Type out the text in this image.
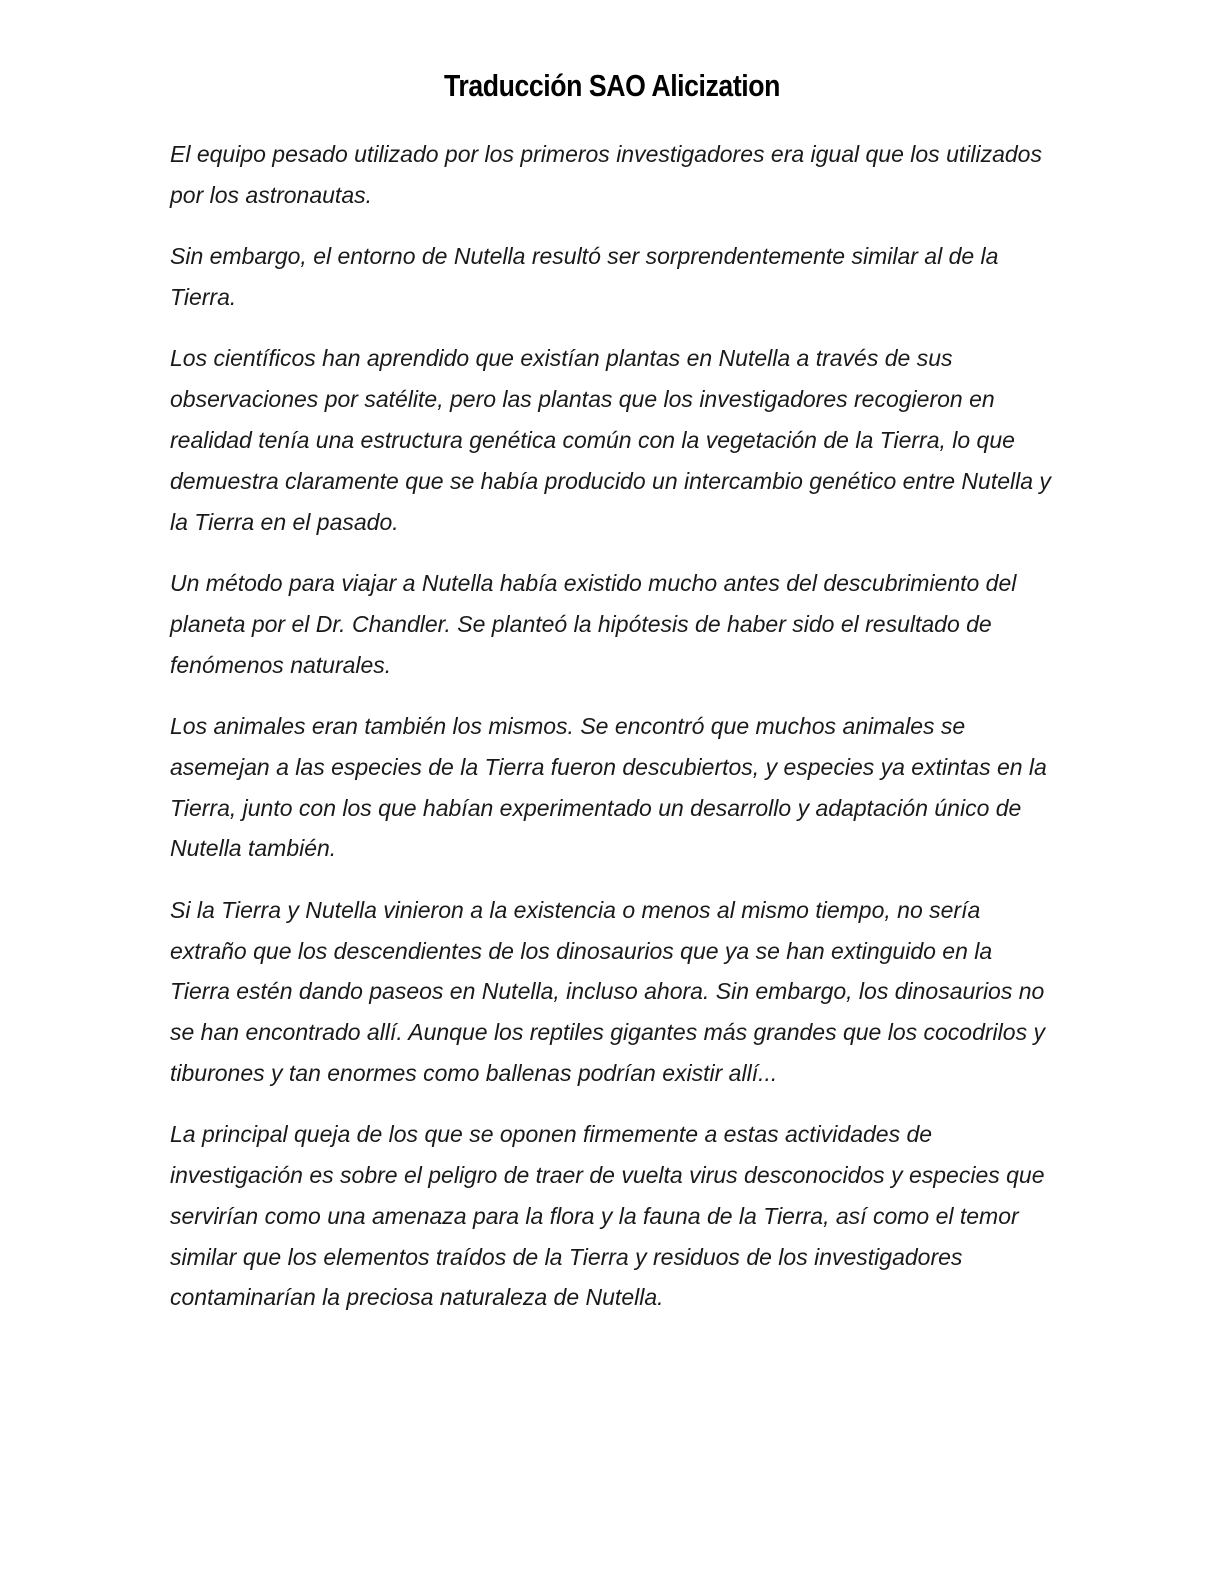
Traducción SAO Alicization

El equipo pesado utilizado por los primeros investigadores era igual que los utilizados por los astronautas.

Sin embargo, el entorno de Nutella resultó ser sorprendentemente similar al de la Tierra.

Los científicos han aprendido que existían plantas en Nutella a través de sus observaciones por satélite, pero las plantas que los investigadores recogieron en realidad tenía una estructura genética común con la vegetación de la Tierra, lo que demuestra claramente que se había producido un intercambio genético entre Nutella y la Tierra en el pasado.

Un método para viajar a Nutella había existido mucho antes del descubrimiento del planeta por el Dr. Chandler. Se planteó la hipótesis de haber sido el resultado de fenómenos naturales.

Los animales eran también los mismos. Se encontró que muchos animales se asemejan a las especies de la Tierra fueron descubiertos, y especies ya extintas en la Tierra, junto con los que habían experimentado un desarrollo y adaptación único de Nutella también.

Si la Tierra y Nutella vinieron a la existencia o menos al mismo tiempo, no sería extraño que los descendientes de los dinosaurios que ya se han extinguido en la Tierra estén dando paseos en Nutella, incluso ahora. Sin embargo, los dinosaurios no se han encontrado allí. Aunque los reptiles gigantes más grandes que los cocodrilos y tiburones y tan enormes como ballenas podrían existir allí...

La principal queja de los que se oponen firmemente a estas actividades de investigación es sobre el peligro de traer de vuelta virus desconocidos y especies que servirían como una amenaza para la flora y la fauna de la Tierra, así como el temor similar que los elementos traídos de la Tierra y residuos de los investigadores contaminarían la preciosa naturaleza de Nutella.
